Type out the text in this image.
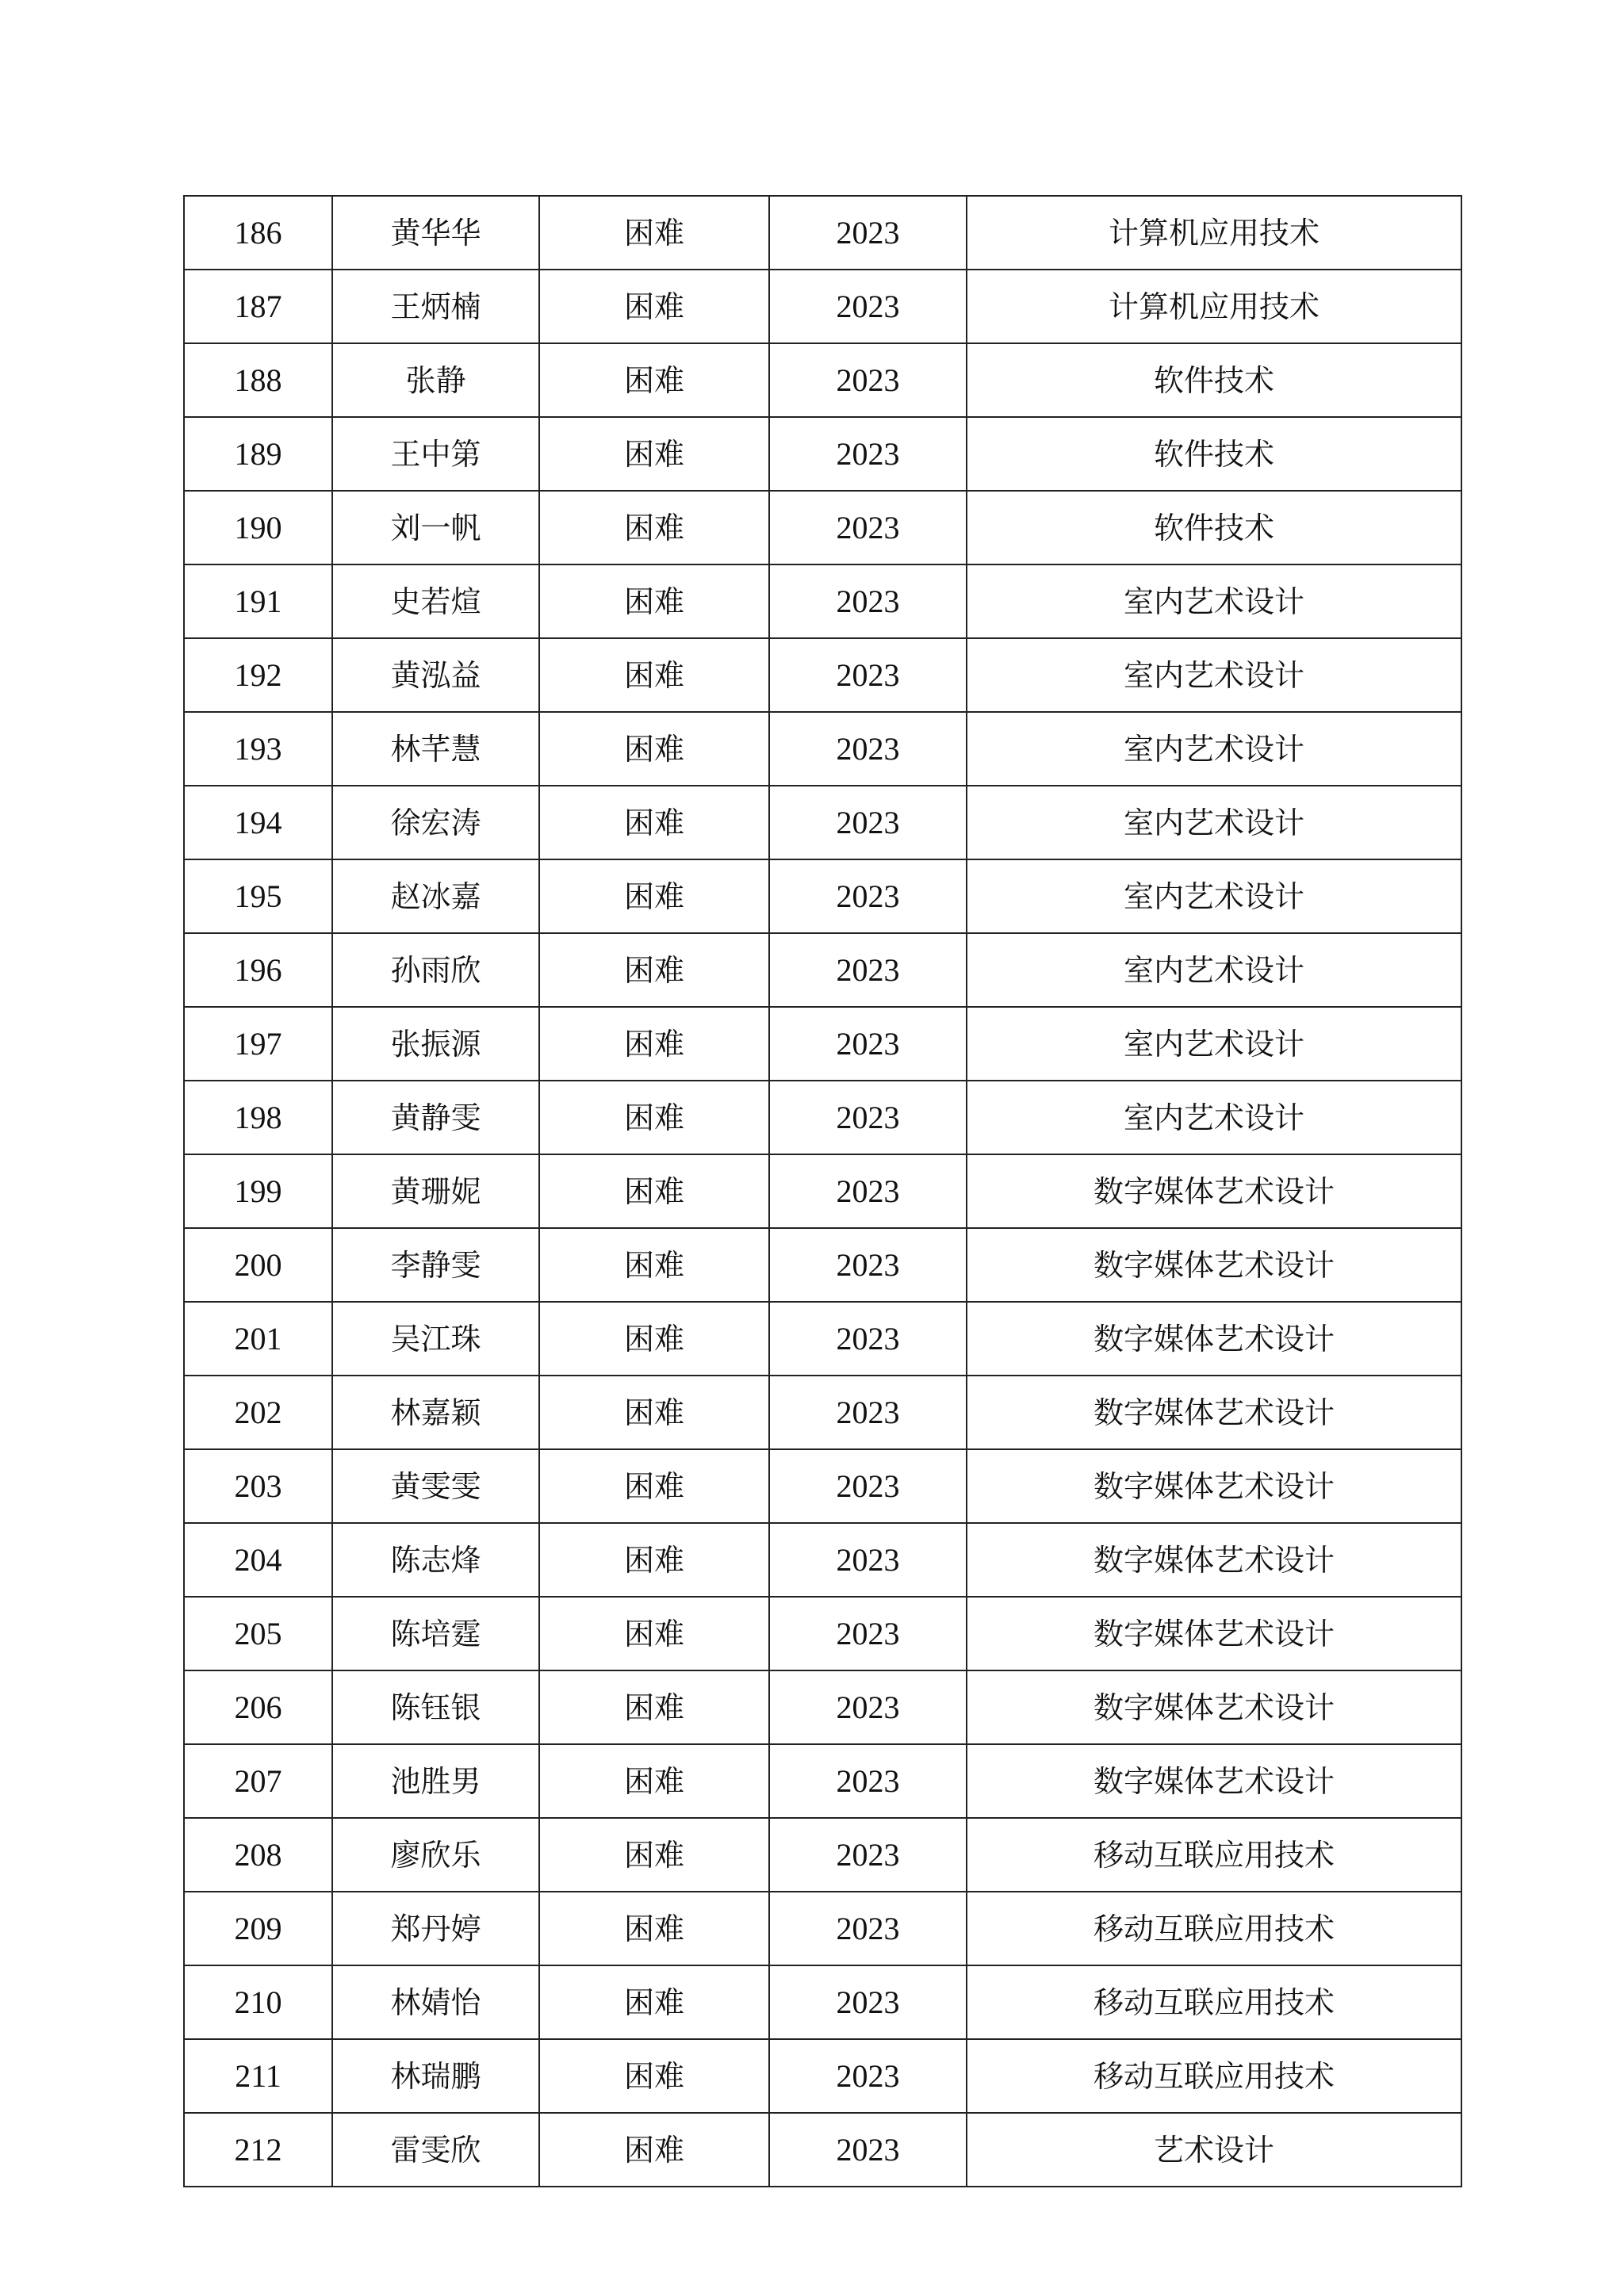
186	黄华华	困难	2023	计算机应用技术
187	王炳楠	困难	2023	计算机应用技术
188	张静	困难	2023	软件技术
189	王中第	困难	2023	软件技术
190	刘一帆	困难	2023	软件技术
191	史若煊	困难	2023	室内艺术设计
192	黄泓益	困难	2023	室内艺术设计
193	林芊慧	困难	2023	室内艺术设计
194	徐宏涛	困难	2023	室内艺术设计
195	赵冰嘉	困难	2023	室内艺术设计
196	孙雨欣	困难	2023	室内艺术设计
197	张振源	困难	2023	室内艺术设计
198	黄静雯	困难	2023	室内艺术设计
199	黄珊妮	困难	2023	数字媒体艺术设计
200	李静雯	困难	2023	数字媒体艺术设计
201	吴江珠	困难	2023	数字媒体艺术设计
202	林嘉颖	困难	2023	数字媒体艺术设计
203	黄雯雯	困难	2023	数字媒体艺术设计
204	陈志烽	困难	2023	数字媒体艺术设计
205	陈培霆	困难	2023	数字媒体艺术设计
206	陈钰银	困难	2023	数字媒体艺术设计
207	池胜男	困难	2023	数字媒体艺术设计
208	廖欣乐	困难	2023	移动互联应用技术
209	郑丹婷	困难	2023	移动互联应用技术
210	林婧怡	困难	2023	移动互联应用技术
211	林瑞鹏	困难	2023	移动互联应用技术
212	雷雯欣	困难	2023	艺术设计
